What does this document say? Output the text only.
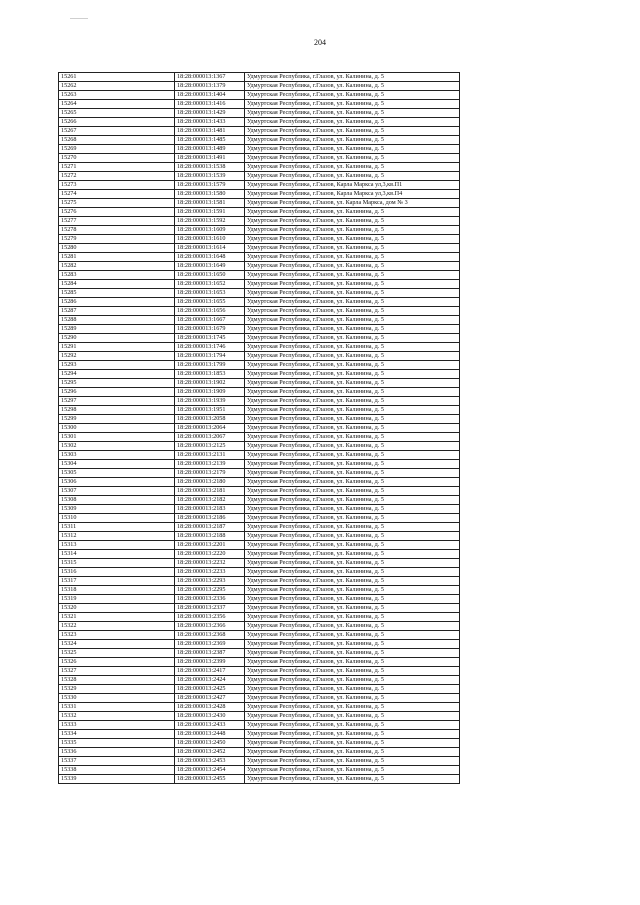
204
15261	18:28:000013:1367	Удмуртская Республика, г.Глазов, ул. Калинина, д. 5
15262	18:28:000013:1379	Удмуртская Республика, г.Глазов, ул. Калинина, д. 5
15263	18:28:000013:1404	Удмуртская Республика, г.Глазов, ул. Калинина, д. 5
15264	18:28:000013:1416	Удмуртская Республика, г.Глазов, ул. Калинина, д. 5
15265	18:28:000013:1429	Удмуртская Республика, г.Глазов, ул. Калинина, д. 5
15266	18:28:000013:1433	Удмуртская Республика, г.Глазов, ул. Калинина, д. 5
15267	18:28:000013:1481	Удмуртская Республика, г.Глазов, ул. Калинина, д. 5
15268	18:28:000013:1485	Удмуртская Республика, г.Глазов, ул. Калинина, д. 5
15269	18:28:000013:1489	Удмуртская Республика, г.Глазов, ул. Калинина, д. 5
15270	18:28:000013:1491	Удмуртская Республика, г.Глазов, ул. Калинина, д. 5
15271	18:28:000013:1538	Удмуртская Республика, г.Глазов, ул. Калинина, д. 5
15272	18:28:000013:1539	Удмуртская Республика, г.Глазов, ул. Калинина, д. 5
15273	18:28:000013:1579	Удмуртская Республика, г.Глазов, Карла Маркса ул,3,кв.П1
15274	18:28:000013:1580	Удмуртская Республика, г.Глазов, Карла Маркса ул,3,кв.П4
15275	18:28:000013:1581	Удмуртская Республика, г.Глазов, ул. Карла Маркса, дом № 3
15276	18:28:000013:1591	Удмуртская Республика, г.Глазов, ул. Калинина, д. 5
15277	18:28:000013:1592	Удмуртская Республика, г.Глазов, ул. Калинина, д. 5
15278	18:28:000013:1609	Удмуртская Республика, г.Глазов, ул. Калинина, д. 5
15279	18:28:000013:1610	Удмуртская Республика, г.Глазов, ул. Калинина, д. 5
15280	18:28:000013:1614	Удмуртская Республика, г.Глазов, ул. Калинина, д. 5
15281	18:28:000013:1648	Удмуртская Республика, г.Глазов, ул. Калинина, д. 5
15282	18:28:000013:1649	Удмуртская Республика, г.Глазов, ул. Калинина, д. 5
15283	18:28:000013:1650	Удмуртская Республика, г.Глазов, ул. Калинина, д. 5
15284	18:28:000013:1652	Удмуртская Республика, г.Глазов, ул. Калинина, д. 5
15285	18:28:000013:1653	Удмуртская Республика, г.Глазов, ул. Калинина, д. 5
15286	18:28:000013:1655	Удмуртская Республика, г.Глазов, ул. Калинина, д. 5
15287	18:28:000013:1656	Удмуртская Республика, г.Глазов, ул. Калинина, д. 5
15288	18:28:000013:1667	Удмуртская Республика, г.Глазов, ул. Калинина, д. 5
15289	18:28:000013:1679	Удмуртская Республика, г.Глазов, ул. Калинина, д. 5
15290	18:28:000013:1745	Удмуртская Республика, г.Глазов, ул. Калинина, д. 5
15291	18:28:000013:1746	Удмуртская Республика, г.Глазов, ул. Калинина, д. 5
15292	18:28:000013:1794	Удмуртская Республика, г.Глазов, ул. Калинина, д. 5
15293	18:28:000013:1799	Удмуртская Республика, г.Глазов, ул. Калинина, д. 5
15294	18:28:000013:1853	Удмуртская Республика, г.Глазов, ул. Калинина, д. 5
15295	18:28:000013:1902	Удмуртская Республика, г.Глазов, ул. Калинина, д. 5
15296	18:28:000013:1909	Удмуртская Республика, г.Глазов, ул. Калинина, д. 5
15297	18:28:000013:1939	Удмуртская Республика, г.Глазов, ул. Калинина, д. 5
15298	18:28:000013:1951	Удмуртская Республика, г.Глазов, ул. Калинина, д. 5
15299	18:28:000013:2058	Удмуртская Республика, г.Глазов, ул. Калинина, д. 5
15300	18:28:000013:2064	Удмуртская Республика, г.Глазов, ул. Калинина, д. 5
15301	18:28:000013:2067	Удмуртская Республика, г.Глазов, ул. Калинина, д. 5
15302	18:28:000013:2125	Удмуртская Республика, г.Глазов, ул. Калинина, д. 5
15303	18:28:000013:2131	Удмуртская Республика, г.Глазов, ул. Калинина, д. 5
15304	18:28:000013:2139	Удмуртская Республика, г.Глазов, ул. Калинина, д. 5
15305	18:28:000013:2179	Удмуртская Республика, г.Глазов, ул. Калинина, д. 5
15306	18:28:000013:2180	Удмуртская Республика, г.Глазов, ул. Калинина, д. 5
15307	18:28:000013:2181	Удмуртская Республика, г.Глазов, ул. Калинина, д. 5
15308	18:28:000013:2182	Удмуртская Республика, г.Глазов, ул. Калинина, д. 5
15309	18:28:000013:2183	Удмуртская Республика, г.Глазов, ул. Калинина, д. 5
15310	18:28:000013:2186	Удмуртская Республика, г.Глазов, ул. Калинина, д. 5
15311	18:28:000013:2187	Удмуртская Республика, г.Глазов, ул. Калинина, д. 5
15312	18:28:000013:2188	Удмуртская Республика, г.Глазов, ул. Калинина, д. 5
15313	18:28:000013:2201	Удмуртская Республика, г.Глазов, ул. Калинина, д. 5
15314	18:28:000013:2220	Удмуртская Республика, г.Глазов, ул. Калинина, д. 5
15315	18:28:000013:2232	Удмуртская Республика, г.Глазов, ул. Калинина, д. 5
15316	18:28:000013:2233	Удмуртская Республика, г.Глазов, ул. Калинина, д. 5
15317	18:28:000013:2293	Удмуртская Республика, г.Глазов, ул. Калинина, д. 5
15318	18:28:000013:2295	Удмуртская Республика, г.Глазов, ул. Калинина, д. 5
15319	18:28:000013:2336	Удмуртская Республика, г.Глазов, ул. Калинина, д. 5
15320	18:28:000013:2337	Удмуртская Республика, г.Глазов, ул. Калинина, д. 5
15321	18:28:000013:2356	Удмуртская Республика, г.Глазов, ул. Калинина, д. 5
15322	18:28:000013:2366	Удмуртская Республика, г.Глазов, ул. Калинина, д. 5
15323	18:28:000013:2368	Удмуртская Республика, г.Глазов, ул. Калинина, д. 5
15324	18:28:000013:2369	Удмуртская Республика, г.Глазов, ул. Калинина, д. 5
15325	18:28:000013:2387	Удмуртская Республика, г.Глазов, ул. Калинина, д. 5
15326	18:28:000013:2399	Удмуртская Республика, г.Глазов, ул. Калинина, д. 5
15327	18:28:000013:2417	Удмуртская Республика, г.Глазов, ул. Калинина, д. 5
15328	18:28:000013:2424	Удмуртская Республика, г.Глазов, ул. Калинина, д. 5
15329	18:28:000013:2425	Удмуртская Республика, г.Глазов, ул. Калинина, д. 5
15330	18:28:000013:2427	Удмуртская Республика, г.Глазов, ул. Калинина, д. 5
15331	18:28:000013:2428	Удмуртская Республика, г.Глазов, ул. Калинина, д. 5
15332	18:28:000013:2430	Удмуртская Республика, г.Глазов, ул. Калинина, д. 5
15333	18:28:000013:2433	Удмуртская Республика, г.Глазов, ул. Калинина, д. 5
15334	18:28:000013:2448	Удмуртская Республика, г.Глазов, ул. Калинина, д. 5
15335	18:28:000013:2450	Удмуртская Республика, г.Глазов, ул. Калинина, д. 5
15336	18:28:000013:2452	Удмуртская Республика, г.Глазов, ул. Калинина, д. 5
15337	18:28:000013:2453	Удмуртская Республика, г.Глазов, ул. Калинина, д. 5
15338	18:28:000013:2454	Удмуртская Республика, г.Глазов, ул. Калинина, д. 5
15339	18:28:000013:2455	Удмуртская Республика, г.Глазов, ул. Калинина, д. 5
